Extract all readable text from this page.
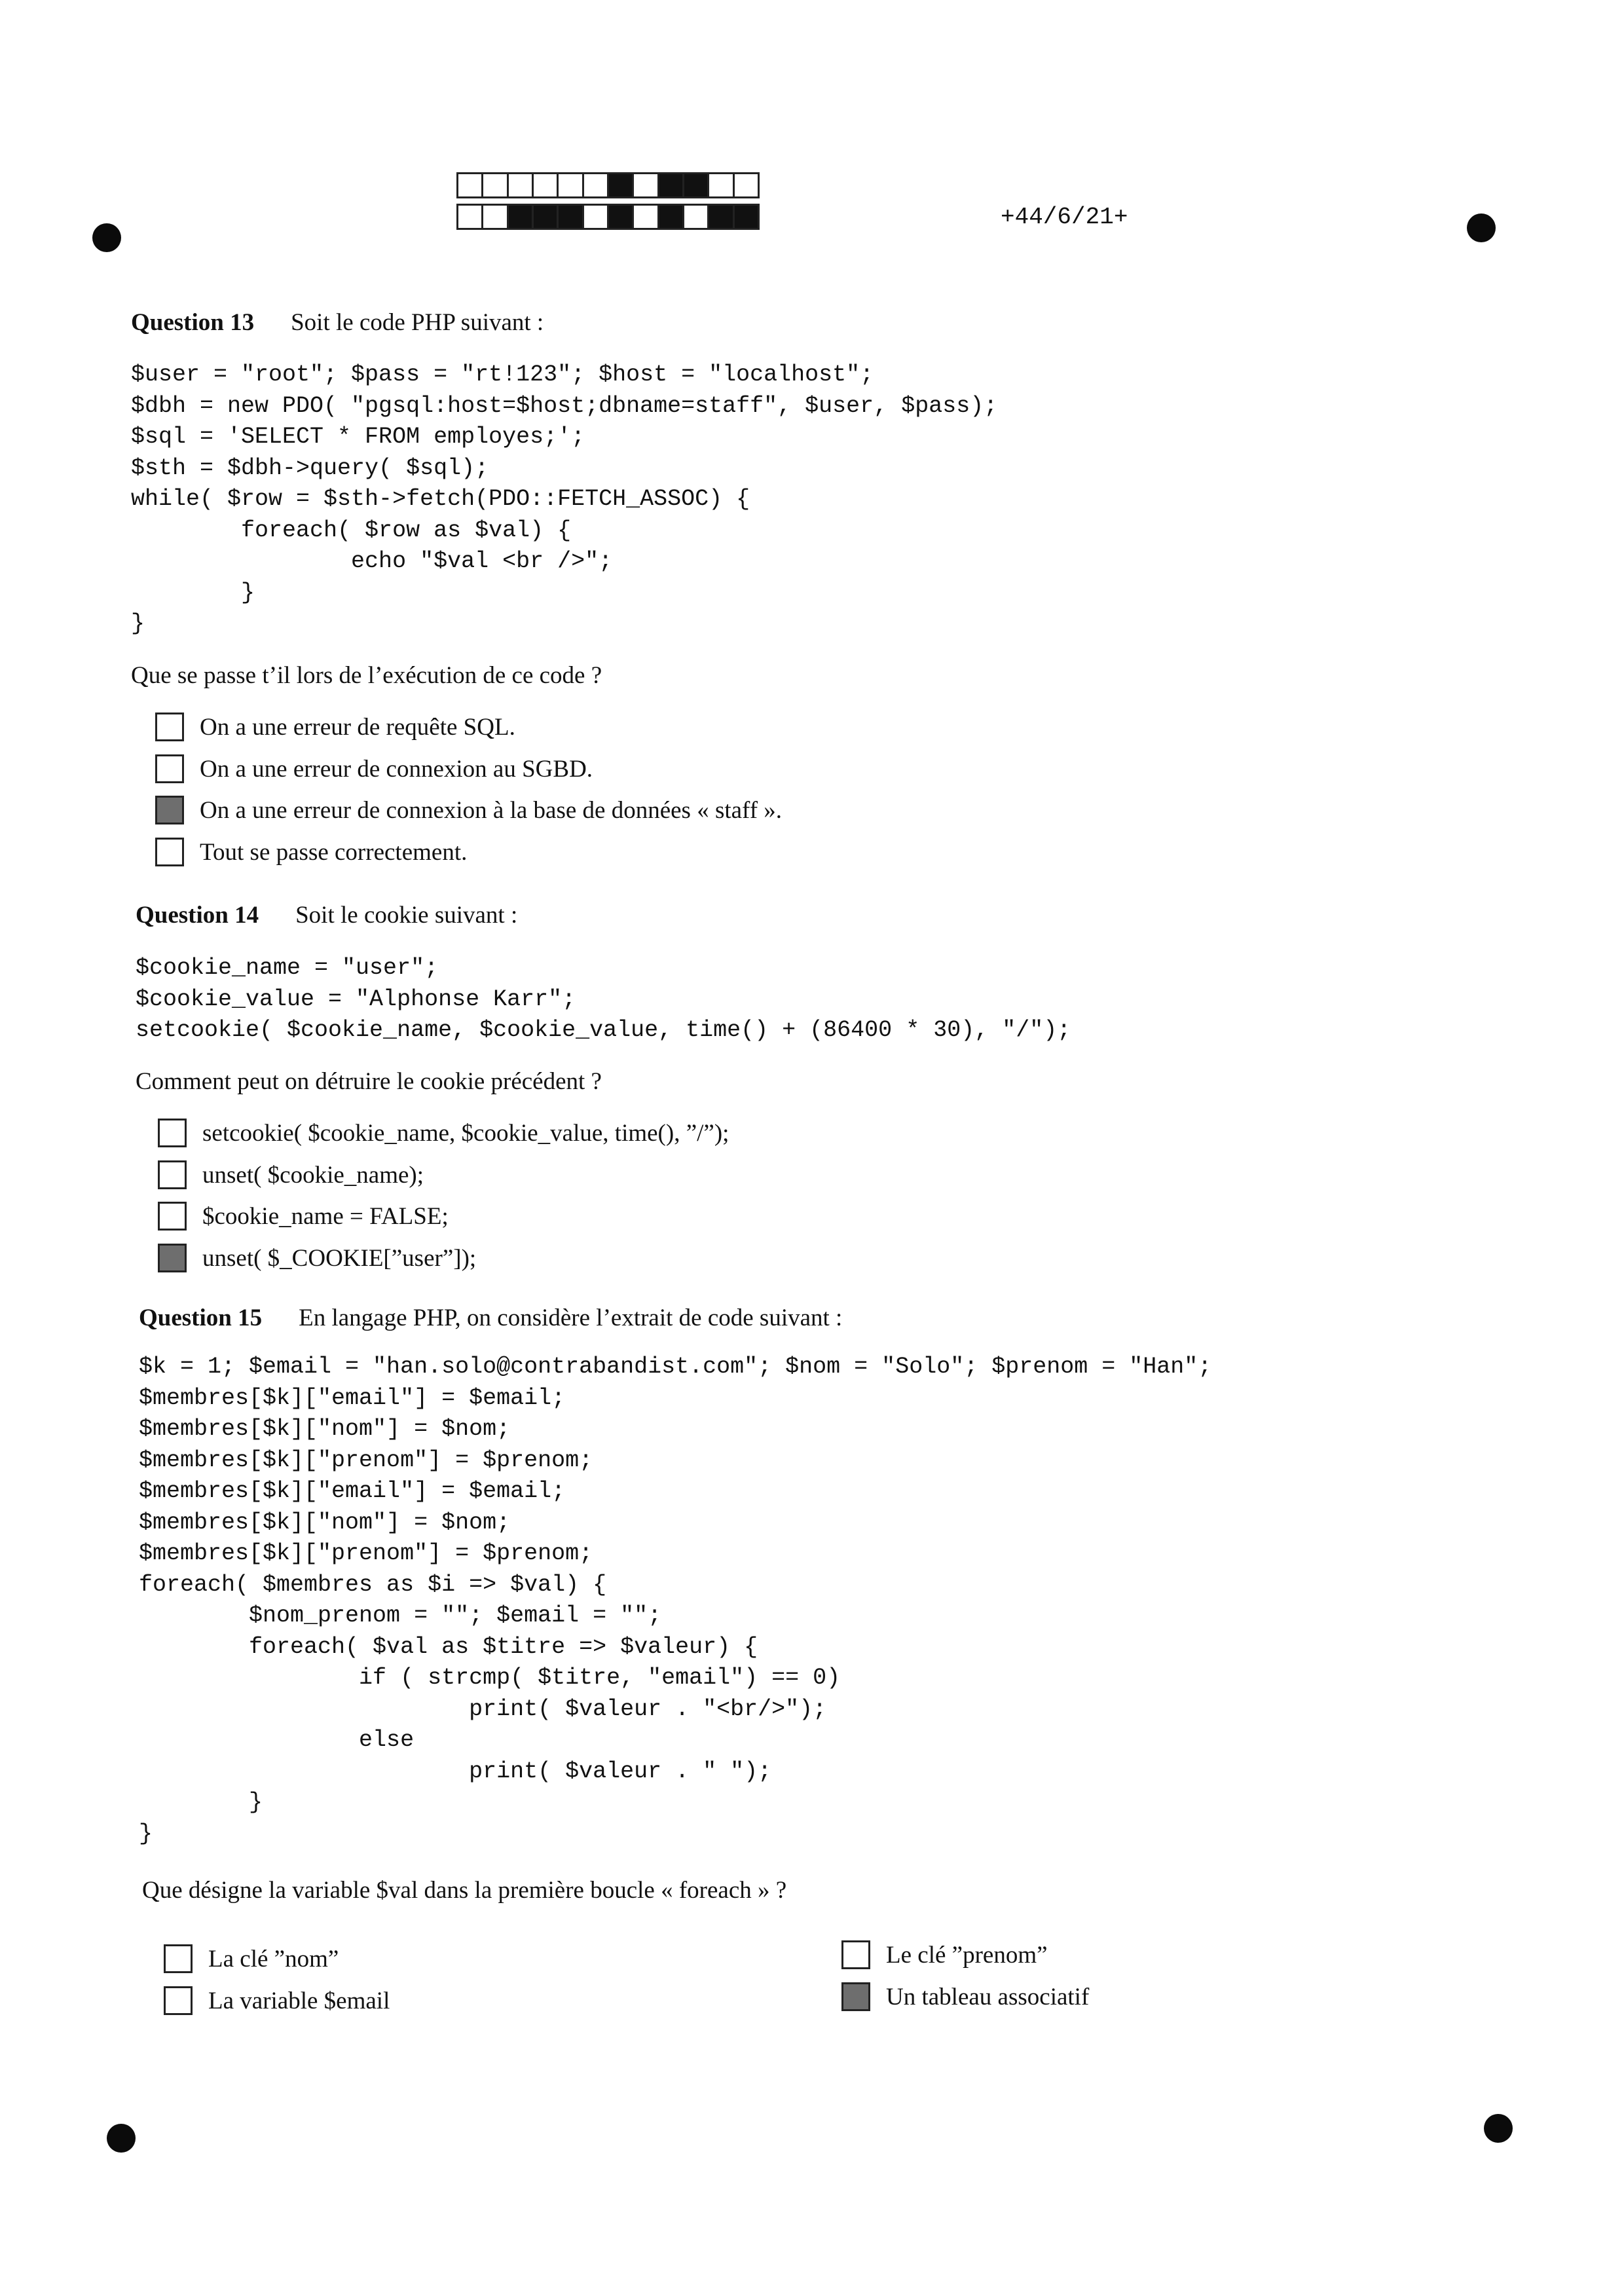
+44/6/21+
Question 13 Soit le code PHP suivant :
$user = "root"; $pass = "rt!123"; $host = "localhost";
$dbh = new PDO( "pgsql:host=$host;dbname=staff", $user, $pass);
$sql = 'SELECT * FROM employes;';
$sth = $dbh->query( $sql);
while( $row = $sth->fetch(PDO::FETCH_ASSOC) {
foreach( $row as $val) {
echo "$val <br />";
}
}
Que se passe t’il lors de l’exécution de ce code ?
On a une erreur de requête SQL.
On a une erreur de connexion au SGBD.
On a une erreur de connexion à la base de données « staff ».
Tout se passe correctement.
Question 14 Soit le cookie suivant :
$cookie_name = "user";
$cookie_value = "Alphonse Karr";
setcookie( $cookie_name, $cookie_value, time() + (86400 * 30), "/");
Comment peut on détruire le cookie précédent ?
setcookie( $cookie_name, $cookie_value, time(), ”/”);
unset( $cookie_name);
$cookie_name = FALSE;
unset( $_COOKIE[”user”]);
Question 15 En langage PHP, on considère l’extrait de code suivant :
$k = 1; $email = "han.solo@contrabandist.com"; $nom = "Solo"; $prenom = "Han";
$membres[$k]["email"] = $email;
$membres[$k]["nom"] = $nom;
$membres[$k]["prenom"] = $prenom;
$membres[$k]["email"] = $email;
$membres[$k]["nom"] = $nom;
$membres[$k]["prenom"] = $prenom;
foreach( $membres as $i => $val) {
$nom_prenom = ""; $email = "";
foreach( $val as $titre => $valeur) {
if ( strcmp( $titre, "email") == 0)
print( $valeur . "<br/>");
else
print( $valeur . " ");
}
}
Que désigne la variable $val dans la première boucle « foreach » ?
La clé ”nom”
La variable $email
Le clé ”prenom”
Un tableau associatif
